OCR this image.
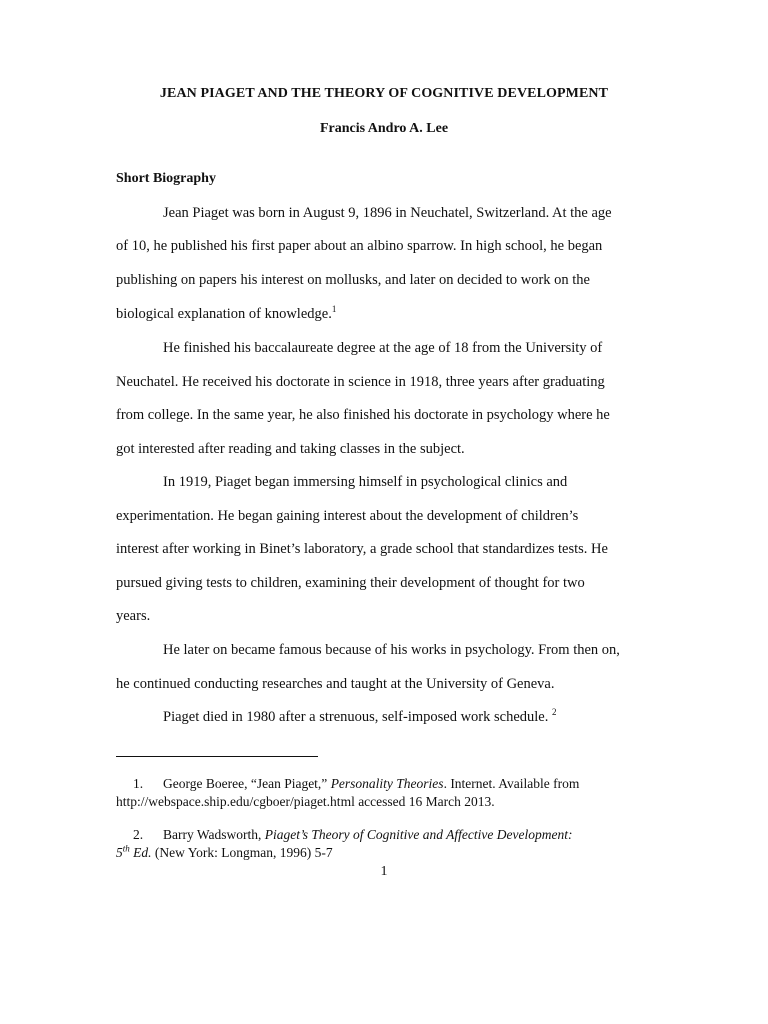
JEAN PIAGET AND THE THEORY OF COGNITIVE DEVELOPMENT
Francis Andro A. Lee
Short Biography
Jean Piaget was born in August 9, 1896 in Neuchatel, Switzerland. At the age
of 10, he published his first paper about an albino sparrow. In high school, he began
publishing on papers his interest on mollusks, and later on decided to work on the
biological explanation of knowledge.$^1$
He finished his baccalaureate degree at the age of 18 from the University of
Neuchatel. He received his doctorate in science in 1918, three years after graduating
from college. In the same year, he also finished his doctorate in psychology where he
got interested after reading and taking classes in the subject.
In 1919, Piaget began immersing himself in psychological clinics and
experimentation. He began gaining interest about the development of children’s
interest after working in Binet’s laboratory, a grade school that standardizes tests. He
pursued giving tests to children, examining their development of thought for two
years.
He later on became famous because of his works in psychology. From then on,
he continued conducting researches and taught at the University of Geneva.
Piaget died in 1980 after a strenuous, self-imposed work schedule. $^2$
1. George Boeree, “Jean Piaget,” Personality Theories. Internet. Available from
http://webspace.ship.edu/cgboer/piaget.html accessed 16 March 2013.
2. Barry Wadsworth, Piaget’s Theory of Cognitive and Affective Development:
5th Ed. (New York: Longman, 1996) 5-7
1
